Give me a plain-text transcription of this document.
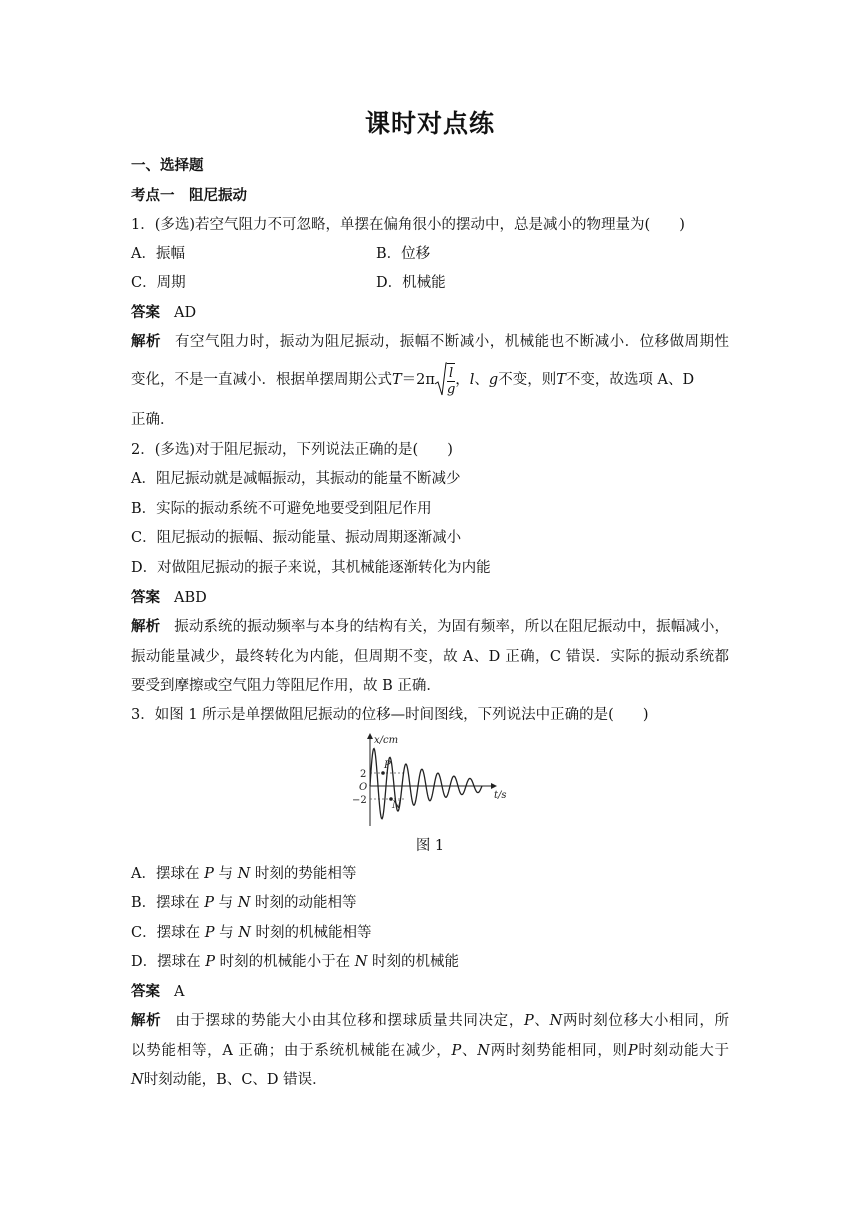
课时对点练
一、选择题
考点一　阻尼振动
1．(多选)若空气阻力不可忽略，单摆在偏角很小的摆动中，总是减小的物理量为(　　)
A．振幅	B．位移
C．周期	D．机械能
答案 AD
解析 有空气阻力时，振动为阻尼振动，振幅不断减小，机械能也不断减小．位移做周期性
变化，不是一直减小．根据单摆周期公式$T=2\pi \frac{l}{g}$ ，l、g不变，则T不变，故选项 A、D
正确．
2．(多选)对于阻尼振动，下列说法正确的是(　　)
A．阻尼振动就是减幅振动，其振动的能量不断减少
B．实际的振动系统不可避免地要受到阻尼作用
C．阻尼振动的振幅、振动能量、振动周期逐渐减小
D．对做阻尼振动的振子来说，其机械能逐渐转化为内能
答案 ABD
解析 振动系统的振动频率与本身的结构有关，为固有频率，所以在阻尼振动中，振幅减小，
振动能量减少，最终转化为内能，但周期不变，故 A、D 正确，C 错误．实际的振动系统都
要受到摩擦或空气阻力等阻尼作用，故 B 正确．
3．如图 1 所示是单摆做阻尼振动的位移—时间图线，下列说法中正确的是(　　)
x/cm
t/s
O
2
−2
P
N
图 1
A．摆球在 P 与 N 时刻的势能相等
B．摆球在 P 与 N 时刻的动能相等
C．摆球在 P 与 N 时刻的机械能相等
D．摆球在 P 时刻的机械能小于在 N 时刻的机械能
答案 A
解析 由于摆球的势能大小由其位移和摆球质量共同决定，P、N两时刻位移大小相同，所
以势能相等，A 正确；由于系统机械能在减少，P、N两时刻势能相同，则P时刻动能大于
N时刻动能，B、C、D 错误．
